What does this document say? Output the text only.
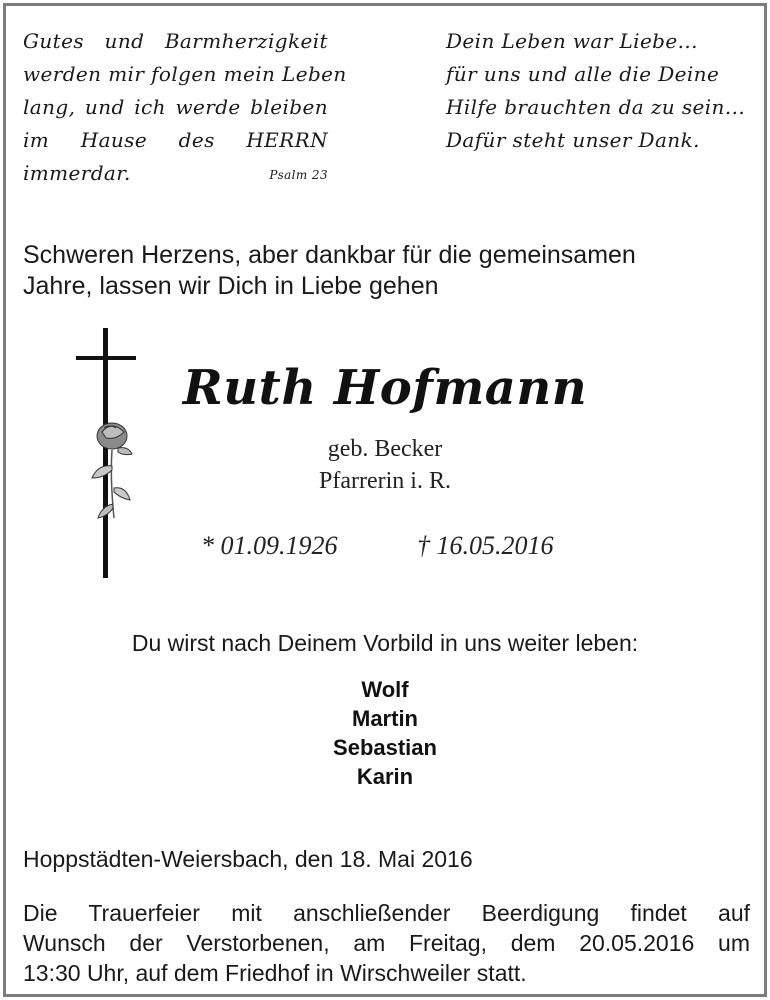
Gutes und Barmherzigkeit
werden mir folgen mein Leben
lang, und ich werde bleiben
im Hause des HERRN
immerdar.	Psalm 23
Dein Leben war Liebe...
für uns und alle die Deine
Hilfe brauchten da zu sein...
Dafür steht unser Dank.
Schweren Herzens, aber dankbar für die gemeinsamen
Jahre, lassen wir Dich in Liebe gehen
Ruth Hofmann
geb. Becker
Pfarrerin i. R.
* 01.09.1926	† 16.05.2016
Du wirst nach Deinem Vorbild in uns weiter leben:
Wolf
Martin
Sebastian
Karin
Hoppstädten-Weiersbach, den 18. Mai 2016
Die Trauerfeier mit anschließender Beerdigung findet auf
Wunsch der Verstorbenen, am Freitag, dem 20.05.2016 um
13:30 Uhr, auf dem Friedhof in Wirschweiler statt.
